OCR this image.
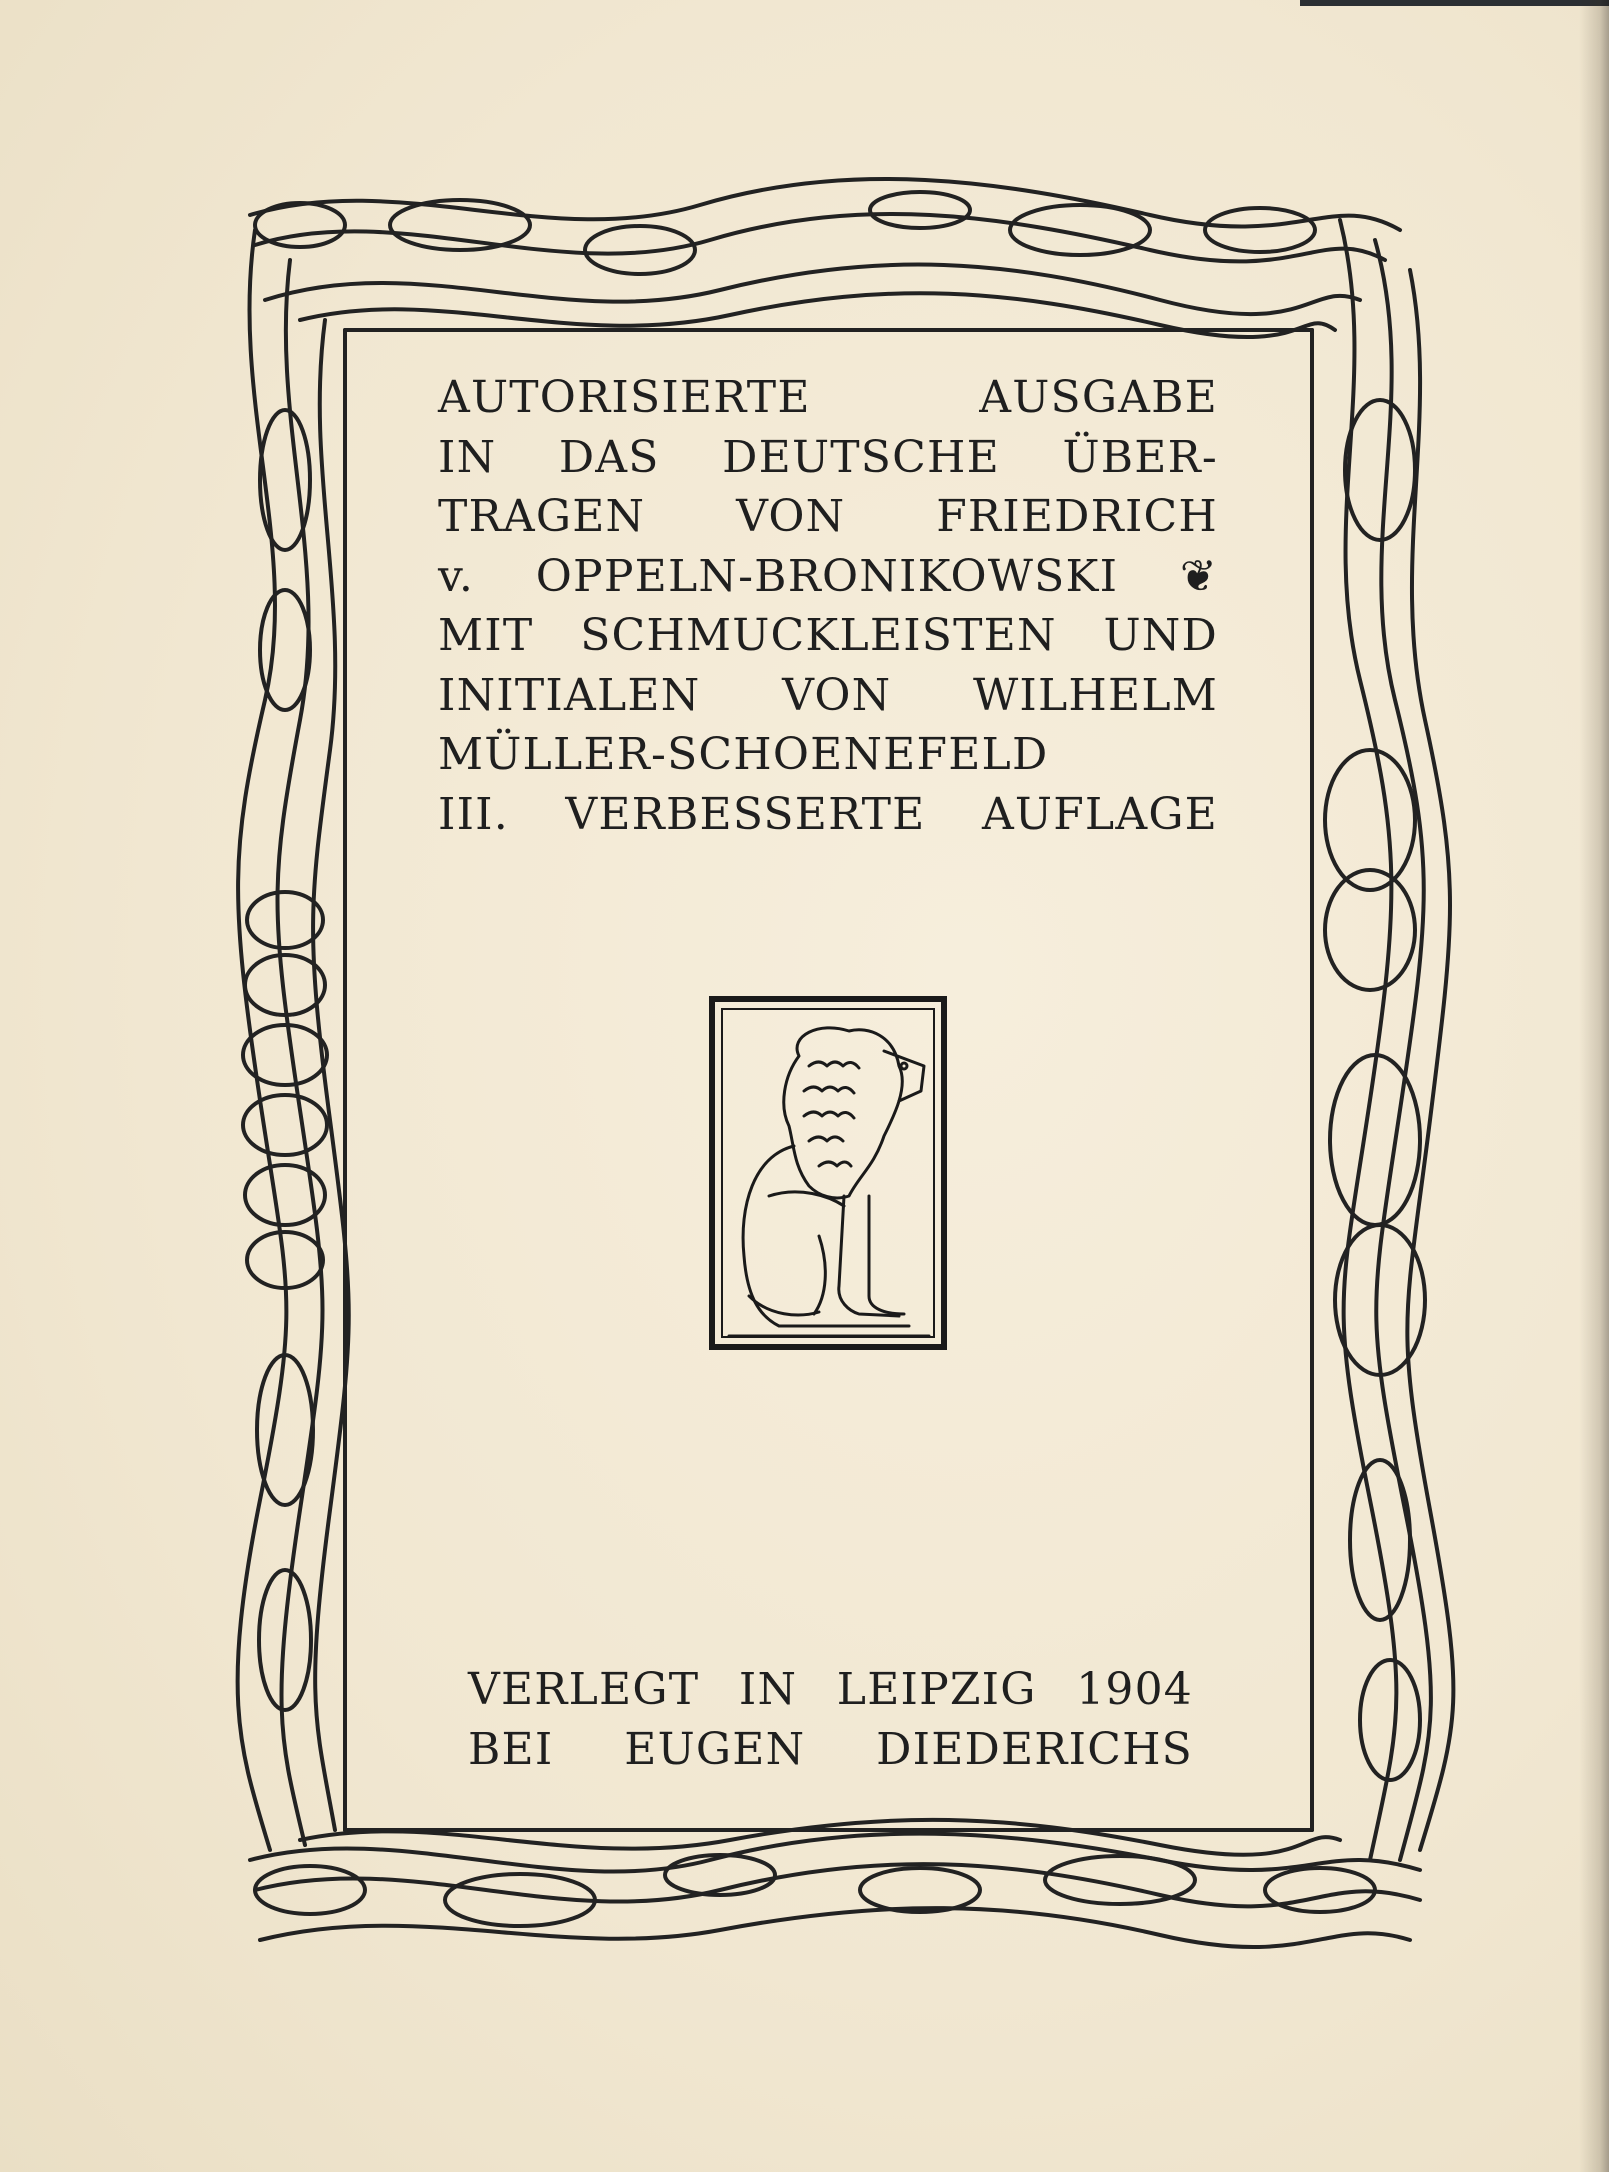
AUTORISIERTE AUSGABE
IN DAS DEUTSCHE ÜBER-
TRAGEN VON FRIEDRICH
v. OPPELN-BRONIKOWSKI ❦
MIT SCHMUCKLEISTEN UND
INITIALEN VON WILHELM
MÜLLER-SCHOENEFELD
III. VERBESSERTE AUFLAGE
VERLEGT IN LEIPZIG 1904
BEI EUGEN DIEDERICHS
